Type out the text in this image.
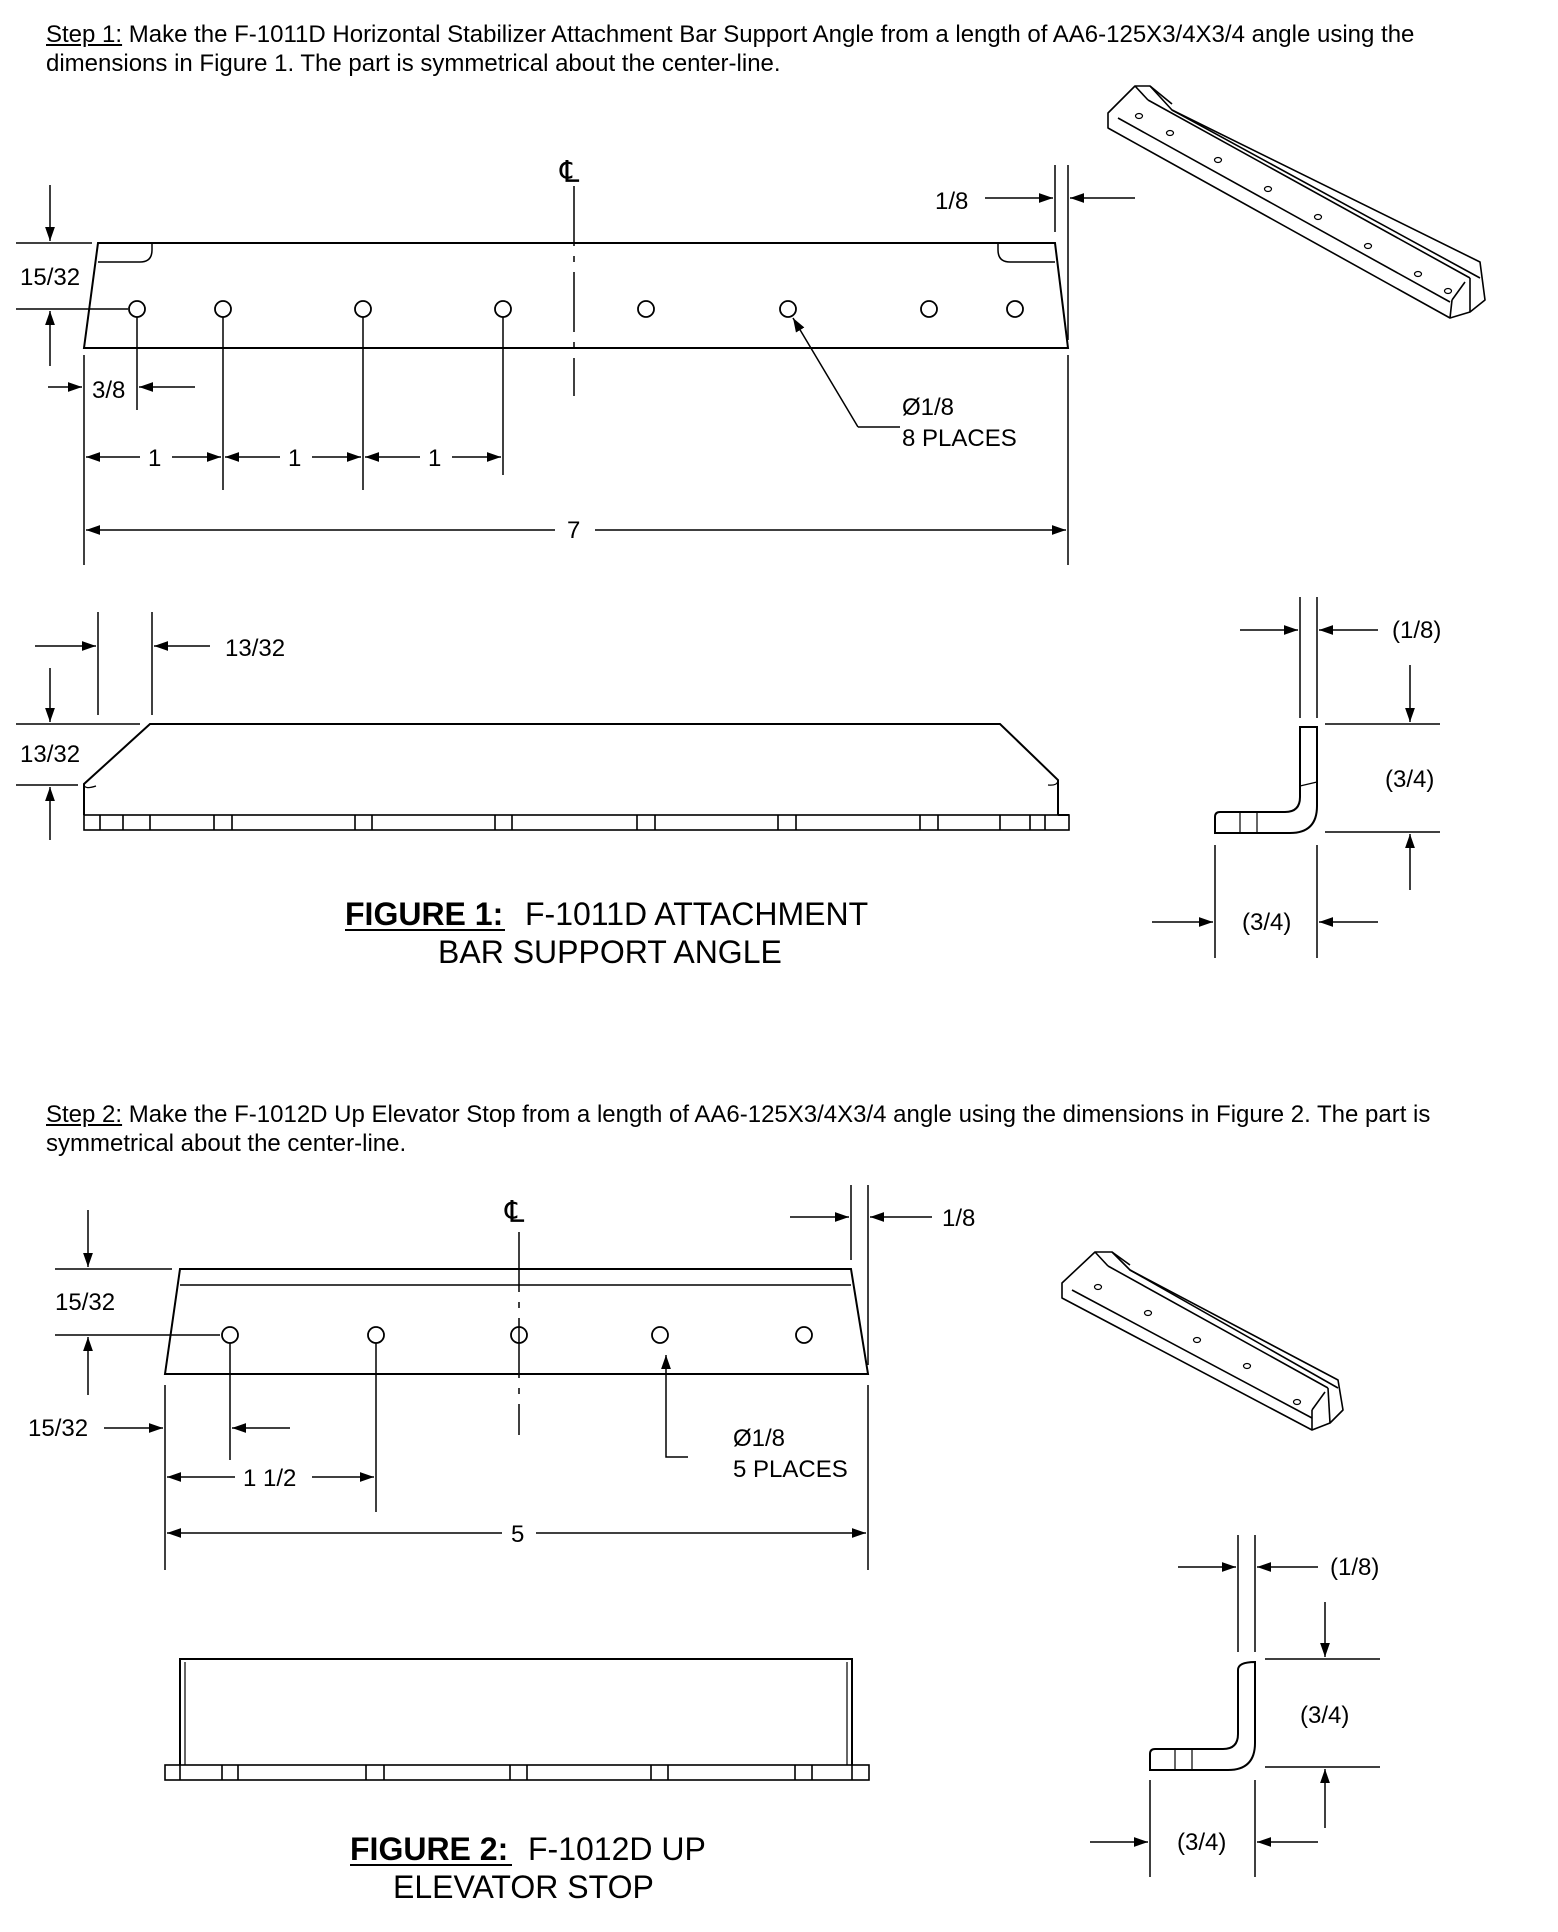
Step 1: Make the F-1011D Horizontal Stabilizer Attachment Bar Support Angle from a length of AA6-125X3/4X3/4 angle using the dimensions in Figure 1. The part is symmetrical about the center-line.
Step 2: Make the F-1012D Up Elevator Stop from a length of AA6-125X3/4X3/4 angle using the dimensions in Figure 2. The part is symmetrical about the center-line.
℄
1/8
15/32
3/8
1	1	1
7
Ø1/8
8 PLACES
13/32
13/32
(1/8)
(3/4)
(3/4)
FIGURE 1: F-1011D ATTACHMENT
BAR SUPPORT ANGLE
℄	1/8
15/32
15/32
1 1/2
5
Ø1/8
5 PLACES
(1/8)
(3/4)
(3/4)
FIGURE 2: F-1012D UP
ELEVATOR STOP
